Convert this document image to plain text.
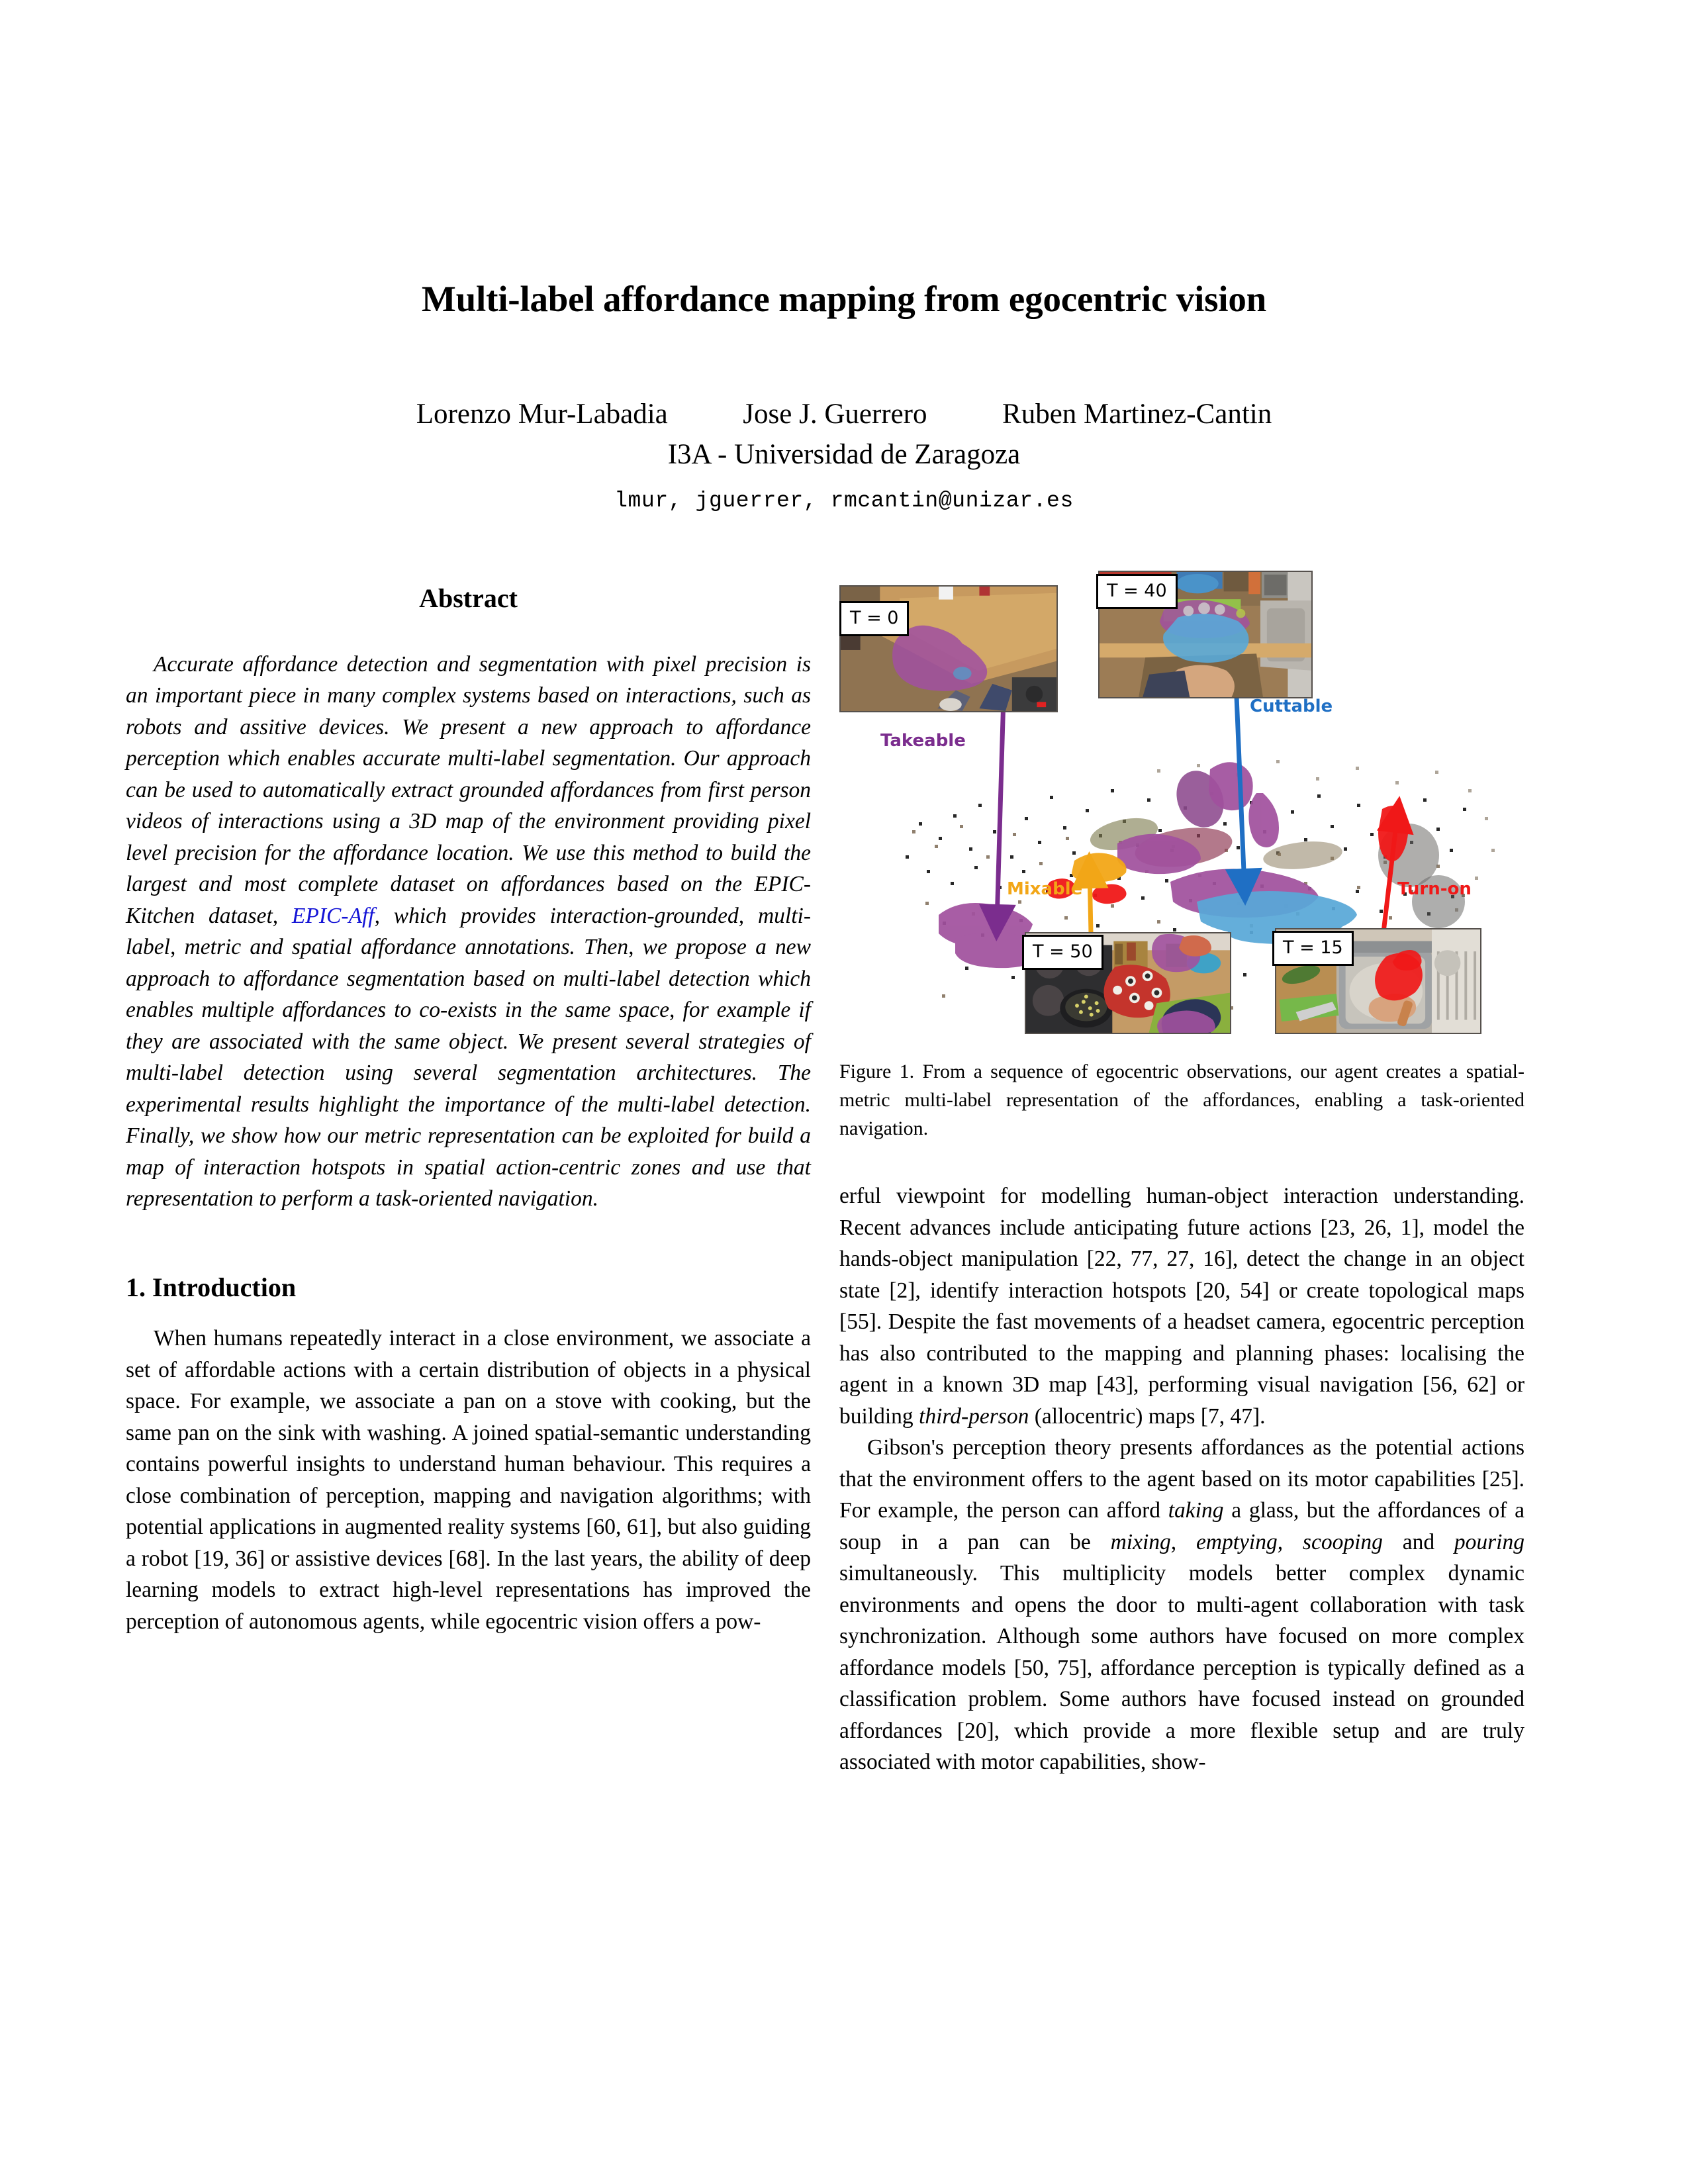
Multi-label affordance mapping from egocentric vision
Lorenzo Mur-Labadia	Jose J. Guerrero	Ruben Martinez-Cantin
I3A - Universidad de Zaragoza
lmur, jguerrer, rmcantin@unizar.es
Abstract
Accurate affordance detection and segmentation with pixel precision is an important piece in many complex systems based on interactions, such as robots and assitive devices. We present a new approach to affordance perception which enables accurate multi-label segmentation. Our approach can be used to automatically extract grounded affordances from first person videos of interactions using a 3D map of the environment providing pixel level precision for the affordance location. We use this method to build the largest and most complete dataset on affordances based on the EPIC-Kitchen dataset, EPIC-Aff, which provides interaction-grounded, multi-label, metric and spatial affordance annotations. Then, we propose a new approach to affordance segmentation based on multi-label detection which enables multiple affordances to co-exists in the same space, for example if they are associated with the same object. We present several strategies of multi-label detection using several segmentation architectures. The experimental results highlight the importance of the multi-label detection. Finally, we show how our metric representation can be exploited for build a map of interaction hotspots in spatial action-centric zones and use that representation to perform a task-oriented navigation.
1. Introduction

When humans repeatedly interact in a close environment, we associate a set of affordable actions with a certain distribution of objects in a physical space. For example, we associate a pan on a stove with cooking, but the same pan on the sink with washing. A joined spatial-semantic understanding contains powerful insights to understand human behaviour. This requires a close combination of perception, mapping and navigation algorithms; with potential applications in augmented reality systems [60, 61], but also guiding a robot [19, 36] or assistive devices [68]. In the last years, the ability of deep learning models to extract high-level representations has improved the perception of autonomous agents, while egocentric vision offers a pow-

T = 0
T = 40
T = 50	T = 15
Takeable
Cuttable
Mixable	Turn-on
Figure 1. From a sequence of egocentric observations, our agent creates a spatial-metric multi-label representation of the affordances, enabling a task-oriented navigation.

erful viewpoint for modelling human-object interaction understanding. Recent advances include anticipating future actions [23, 26, 1], model the hands-object manipulation [22, 77, 27, 16], detect the change in an object state [2], identify interaction hotspots [20, 54] or create topological maps [55]. Despite the fast movements of a headset camera, egocentric perception has also contributed to the mapping and planning phases: localising the agent in a known 3D map [43], performing visual navigation [56, 62] or building third-person (allocentric) maps [7, 47].

Gibson's perception theory presents affordances as the potential actions that the environment offers to the agent based on its motor capabilities [25]. For example, the person can afford taking a glass, but the affordances of a soup in a pan can be mixing, emptying, scooping and pouring simultaneously. This multiplicity models better complex dynamic environments and opens the door to multi-agent collaboration with task synchronization. Although some authors have focused on more complex affordance models [50, 75], affordance perception is typically defined as a classification problem. Some authors have focused instead on grounded affordances [20], which provide a more flexible setup and are truly associated with motor capabilities, show-
